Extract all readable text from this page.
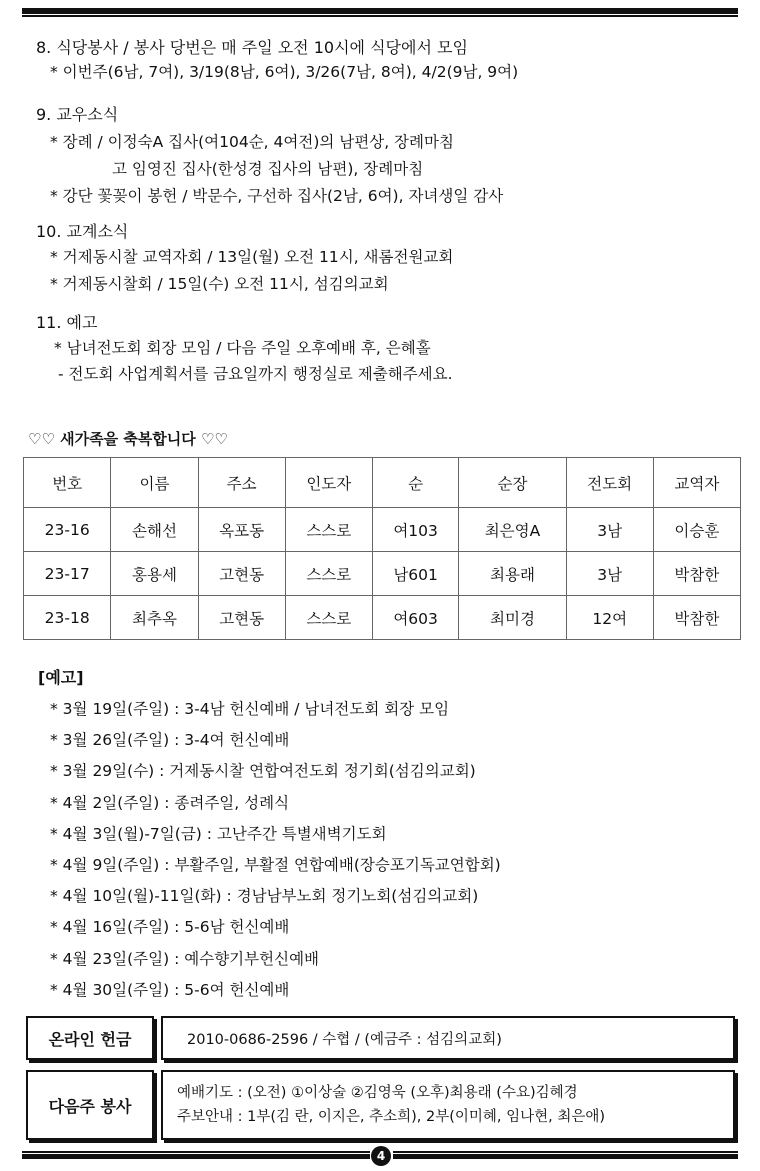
8. 식당봉사 / 봉사 당번은 매 주일 오전 10시에 식당에서 모임
* 이번주(6남, 7여), 3/19(8남, 6여), 3/26(7남, 8여), 4/2(9남, 9여)
9. 교우소식
* 장례 / 이정숙A 집사(여104순, 4여전)의 남편상, 장례마침
고 임영진 집사(한성경 집사의 남편), 장례마침
* 강단 꽃꽂이 봉헌 / 박문수, 구선하 집사(2남, 6여), 자녀생일 감사
10. 교계소식
* 거제동시찰 교역자회 / 13일(월) 오전 11시, 새롬전원교회
* 거제동시찰회 / 15일(수) 오전 11시, 섬김의교회
11. 예고
* 남녀전도회 회장 모임 / 다음 주일 오후예배 후, 은혜홀
- 전도회 사업계획서를 금요일까지 행정실로 제출해주세요.
♡♡ 새가족을 축복합니다 ♡♡
번호	이름	주소	인도자	순	순장	전도회	교역자
23-16	손해선	옥포동	스스로	여103	최은영A	3남	이승훈
23-17	홍용세	고현동	스스로	남601	최용래	3남	박참한
23-18	최추옥	고현동	스스로	여603	최미경	12여	박참한
[예고]
* 3월 19일(주일) : 3-4남 헌신예배 / 남녀전도회 회장 모임
* 3월 26일(주일) : 3-4여 헌신예배
* 3월 29일(수) : 거제동시찰 연합여전도회 정기회(섬김의교회)
* 4월 2일(주일) : 종려주일, 성례식
* 4월 3일(월)-7일(금) : 고난주간 특별새벽기도회
* 4월 9일(주일) : 부활주일, 부활절 연합예배(장승포기독교연합회)
* 4월 10일(월)-11일(화) : 경남남부노회 정기노회(섬김의교회)
* 4월 16일(주일) : 5-6남 헌신예배
* 4월 23일(주일) : 예수향기부헌신예배
* 4월 30일(주일) : 5-6여 헌신예배
온라인 헌금	2010-0686-2596 / 수협 / (예금주 : 섬김의교회)
다음주 봉사
예배기도 : (오전) ①이상술 ②김영욱 (오후)최용래 (수요)김혜경
주보안내 : 1부(김 란, 이지은, 추소희), 2부(이미혜, 임나현, 최은애)
4
